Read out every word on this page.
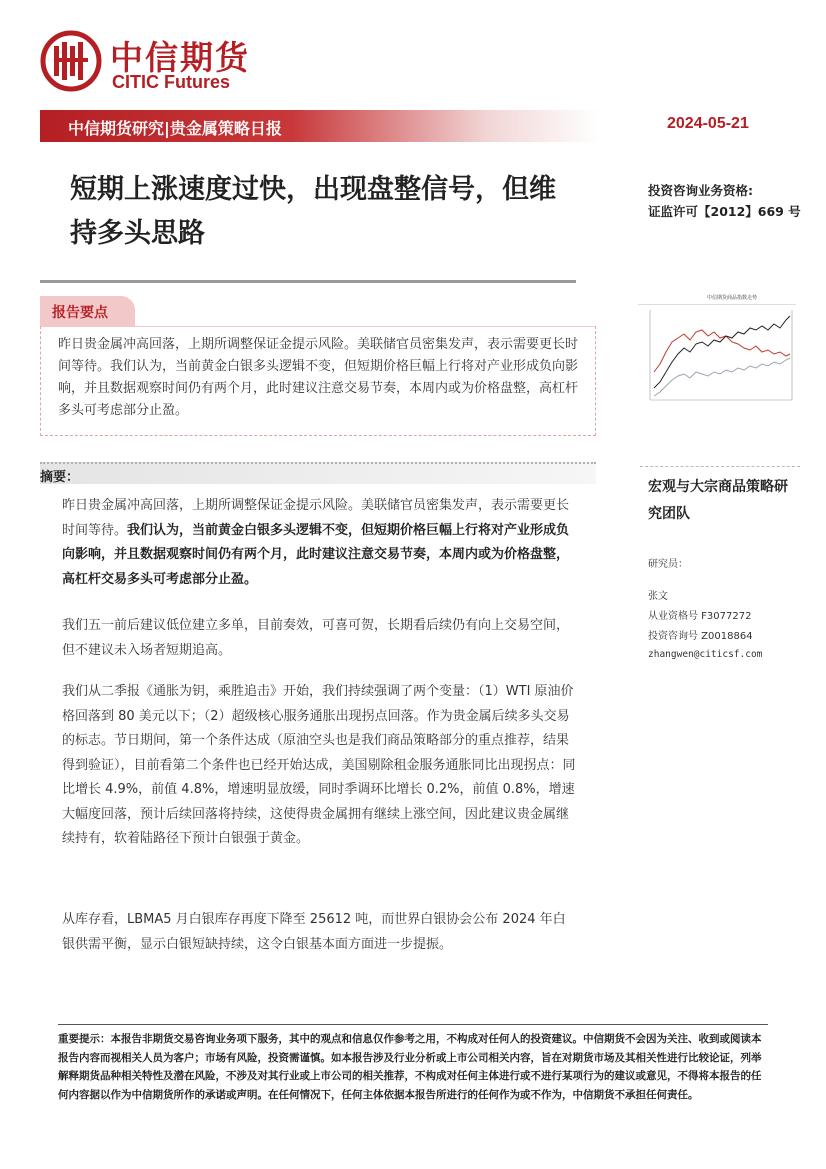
中信期货
CITIC Futures
中信期货研究|贵金属策略日报	2024-05-21
短期上涨速度过快，出现盘整信号，但维持多头思路
投资咨询业务资格:
证监许可【2012】669 号
报告要点
昨日贵金属冲高回落，上期所调整保证金提示风险。美联储官员密集发声，表示需要更长时间等待。我们认为，当前黄金白银多头逻辑不变，但短期价格巨幅上行将对产业形成负向影响，并且数据观察时间仍有两个月，此时建议注意交易节奏，本周内或为价格盘整，高杠杆多头可考虑部分止盈。
中信期货商品指数走势
摘要：
昨日贵金属冲高回落，上期所调整保证金提示风险。美联储官员密集发声，表示需要更长时间等待。我们认为，当前黄金白银多头逻辑不变，但短期价格巨幅上行将对产业形成负向影响，并且数据观察时间仍有两个月，此时建议注意交易节奏，本周内或为价格盘整，高杠杆交易多头可考虑部分止盈。
我们五一前后建议低位建立多单，目前奏效，可喜可贺，长期看后续仍有向上交易空间，但不建议未入场者短期追高。
我们从二季报《通胀为钥，乘胜追击》开始，我们持续强调了两个变量：（1）WTI 原油价格回落到 80 美元以下；（2）超级核心服务通胀出现拐点回落。作为贵金属后续多头交易的标志。节日期间，第一个条件达成（原油空头也是我们商品策略部分的重点推荐，结果得到验证），目前看第二个条件也已经开始达成，美国剔除租金服务通胀同比出现拐点：同比增长 4.9%，前值 4.8%，增速明显放缓，同时季调环比增长 0.2%，前值 0.8%，增速大幅度回落，预计后续回落将持续，这使得贵金属拥有继续上涨空间，因此建议贵金属继续持有，软着陆路径下预计白银强于黄金。
从库存看，LBMA5 月白银库存再度下降至 25612 吨，而世界白银协会公布 2024 年白银供需平衡，显示白银短缺持续，这令白银基本面方面进一步提振。
宏观与大宗商品策略研究团队
研究员：
张文
从业资格号 F3077272
投资咨询号 Z0018864
zhangwen@citicsf.com
重要提示：本报告非期货交易咨询业务项下服务，其中的观点和信息仅作参考之用，不构成对任何人的投资建议。中信期货不会因为关注、收到或阅读本报告内容而视相关人员为客户；市场有风险，投资需谨慎。如本报告涉及行业分析或上市公司相关内容，旨在对期货市场及其相关性进行比较论证，列举解释期货品种相关特性及潜在风险，不涉及对其行业或上市公司的相关推荐，不构成对任何主体进行或不进行某项行为的建议或意见，不得将本报告的任何内容据以作为中信期货所作的承诺或声明。在任何情况下，任何主体依据本报告所进行的任何作为或不作为，中信期货不承担任何责任。
